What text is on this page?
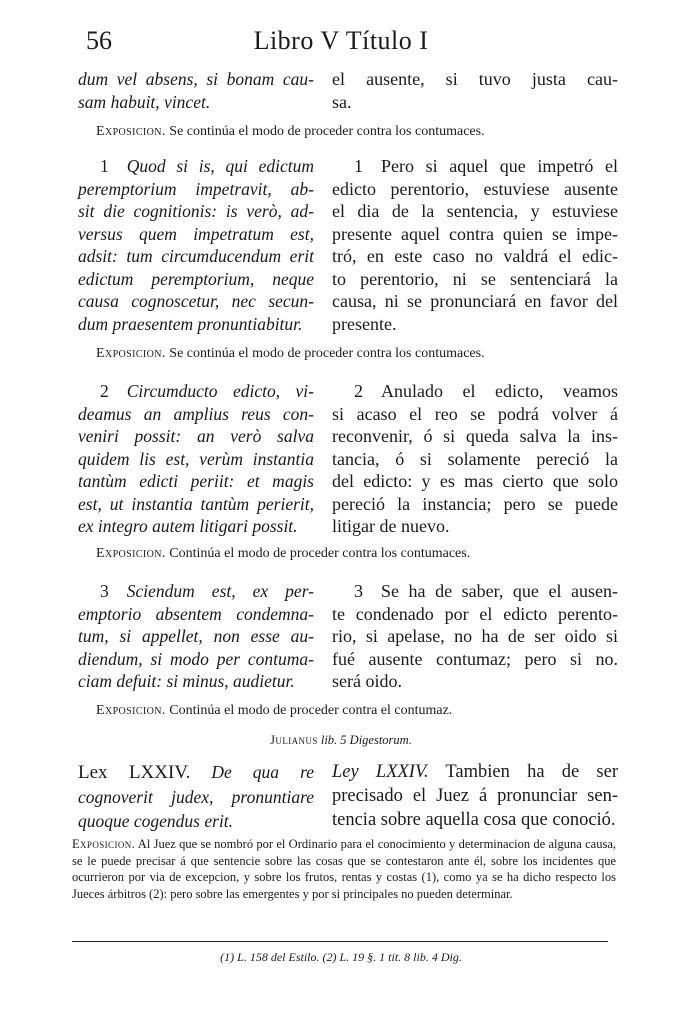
56	Libro V Título I
dum vel absens, si bonam cau-
sam habuit, vincet.
el ausente, si tuvo justa cau-
sa.
Exposicion. Se continúa el modo de proceder contra los contumaces.
1 Quod si is, qui edictum
peremptorium impetravit, ab-
sit die cognitionis: is verò, ad-
versus quem impetratum est,
adsit: tum circumducendum erit
edictum peremptorium, neque
causa cognoscetur, nec secun-
dum praesentem pronuntiabitur.
1 Pero si aquel que impetró el
edicto perentorio, estuviese ausente
el dia de la sentencia, y estuviese
presente aquel contra quien se impe-
tró, en este caso no valdrá el edic-
to perentorio, ni se sentenciará la
causa, ni se pronunciará en favor del
presente.
Exposicion. Se continúa el modo de proceder contra los contumaces.
2 Circumducto edicto, vi-
deamus an amplius reus con-
veniri possit: an verò salva
quidem lis est, verùm instantia
tantùm edicti periit: et magis
est, ut instantia tantùm perierit,
ex integro autem litigari possit.
2 Anulado el edicto, veamos
si acaso el reo se podrá volver á
reconvenir, ó si queda salva la ins-
tancia, ó si solamente pereció la
del edicto: y es mas cierto que solo
pereció la instancia; pero se puede
litigar de nuevo.
Exposicion. Continúa el modo de proceder contra los contumaces.
3 Sciendum est, ex per-
emptorio absentem condemna-
tum, si appellet, non esse au-
diendum, si modo per contuma-
ciam defuit: si minus, audietur.
3 Se ha de saber, que el ausen-
te condenado por el edicto perento-
rio, si apelase, no ha de ser oido si
fué ausente contumaz; pero si no.
será oido.
Exposicion. Continúa el modo de proceder contra el contumaz.
Julianus lib. 5 Digestorum.
Lex LXXIV. De qua re
cognoverit judex, pronuntiare
quoque cogendus erit.
Ley LXXIV. Tambien ha de ser
precisado el Juez á pronunciar sen-
tencia sobre aquella cosa que conoció.
Exposicion. Al Juez que se nombró por el Ordinario para el conocimiento y determinacion de alguna causa, se le puede precisar á que sentencie sobre las cosas que se contestaron ante él, sobre los incidentes que ocurrieron por via de excepcion, y sobre los frutos, rentas y costas (1), como ya se ha dicho respecto los Jueces árbitros (2): pero sobre las emergentes y por si principales no pueden determinar.
(1) L. 158 del Estilo. (2) L. 19 §. 1 tit. 8 lib. 4 Dig.
